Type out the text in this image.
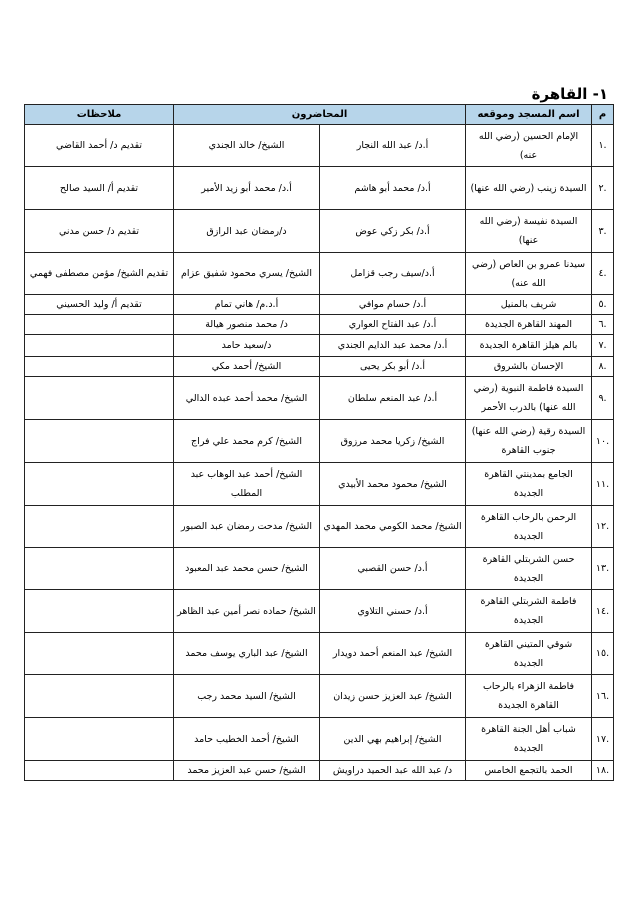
١- القاهرة
م	اسم المسجد وموقعه	المحاضرون		ملاحظات
.١	الإمام الحسين (رضي الله عنه)	أ.د/ عبد الله النجار	الشيخ/ خالد الجندي	تقديم د/ أحمد القاضي
.٢	السيدة زينب (رضي الله عنها)	أ.د/ محمد أبو هاشم	أ.د/ محمد أبو زيد الأمير	تقديم أ/ السيد صالح
.٣	السيدة نفيسة (رضي الله عنها)	أ.د/ بكر زكي عوض	د/رمضان عبد الرازق	تقديم د/ حسن مدني
.٤	سيدنا عمرو بن العاص (رضي الله عنه)	أ.د/سيف رجب قزامل	الشيخ/ يسري محمود شفيق عزام	تقديم الشيخ/ مؤمن مصطفى فهمي
.٥	شريف بالمنيل	أ.د/ حسام موافي	أ.د.م/ هاني تمام	تقديم أ/ وليد الحسيني
.٦	المهند القاهرة الجديدة	أ.د/ عبد الفتاح العواري	د/ محمد منصور هيالة	
.٧	بالم هيلز القاهرة الجديدة	أ.د/ محمد عبد الدايم الجندي	د/سعيد حامد	
.٨	الإحسان بالشروق	أ.د/ أبو بكر يحيى	الشيخ/ أحمد مكي	
.٩	السيدة فاطمة النبوية (رضي الله عنها) بالدرب الأحمر	أ.د/ عبد المنعم سلطان	الشيخ/ محمد أحمد عبده الدالي	
.١٠	السيدة رقية (رضي الله عنها) جنوب القاهرة	الشيخ/ زكريا محمد مرزوق	الشيخ/ كرم محمد علي فراج	
.١١	الجامع بمدينتي القاهرة الجديدة	الشيخ/ محمود محمد الأبيدي	الشيخ/ أحمد عبد الوهاب عبد المطلب	
.١٢	الرحمن بالرحاب القاهرة الجديدة	الشيخ/ محمد الكومي محمد المهدي	الشيخ/ مدحت رمضان عبد الصبور	
.١٣	حسن الشربتلي القاهرة الجديدة	أ.د/ حسن القصبي	الشيخ/ حسن محمد عبد المعبود	
.١٤	فاطمة الشربتلي القاهرة الجديدة	أ.د/ حسني التلاوي	الشيخ/ حماده نصر أمين عبد الظاهر	
.١٥	شوقي المتيني القاهرة الجديدة	الشيخ/ عبد المنعم أحمد دويدار	الشيخ/ عبد الباري يوسف محمد	
.١٦	فاطمة الزهراء بالرحاب القاهرة الجديدة	الشيخ/ عبد العزيز حسن زيدان	الشيخ/ السيد محمد رجب	
.١٧	شباب أهل الجنة القاهرة الجديدة	الشيخ/ إبراهيم بهي الدين	الشيخ/ أحمد الخطيب حامد	
.١٨	الحمد بالتجمع الخامس	د/ عبد الله عبد الحميد دراويش	الشيخ/ حسن عبد العزيز محمد	
